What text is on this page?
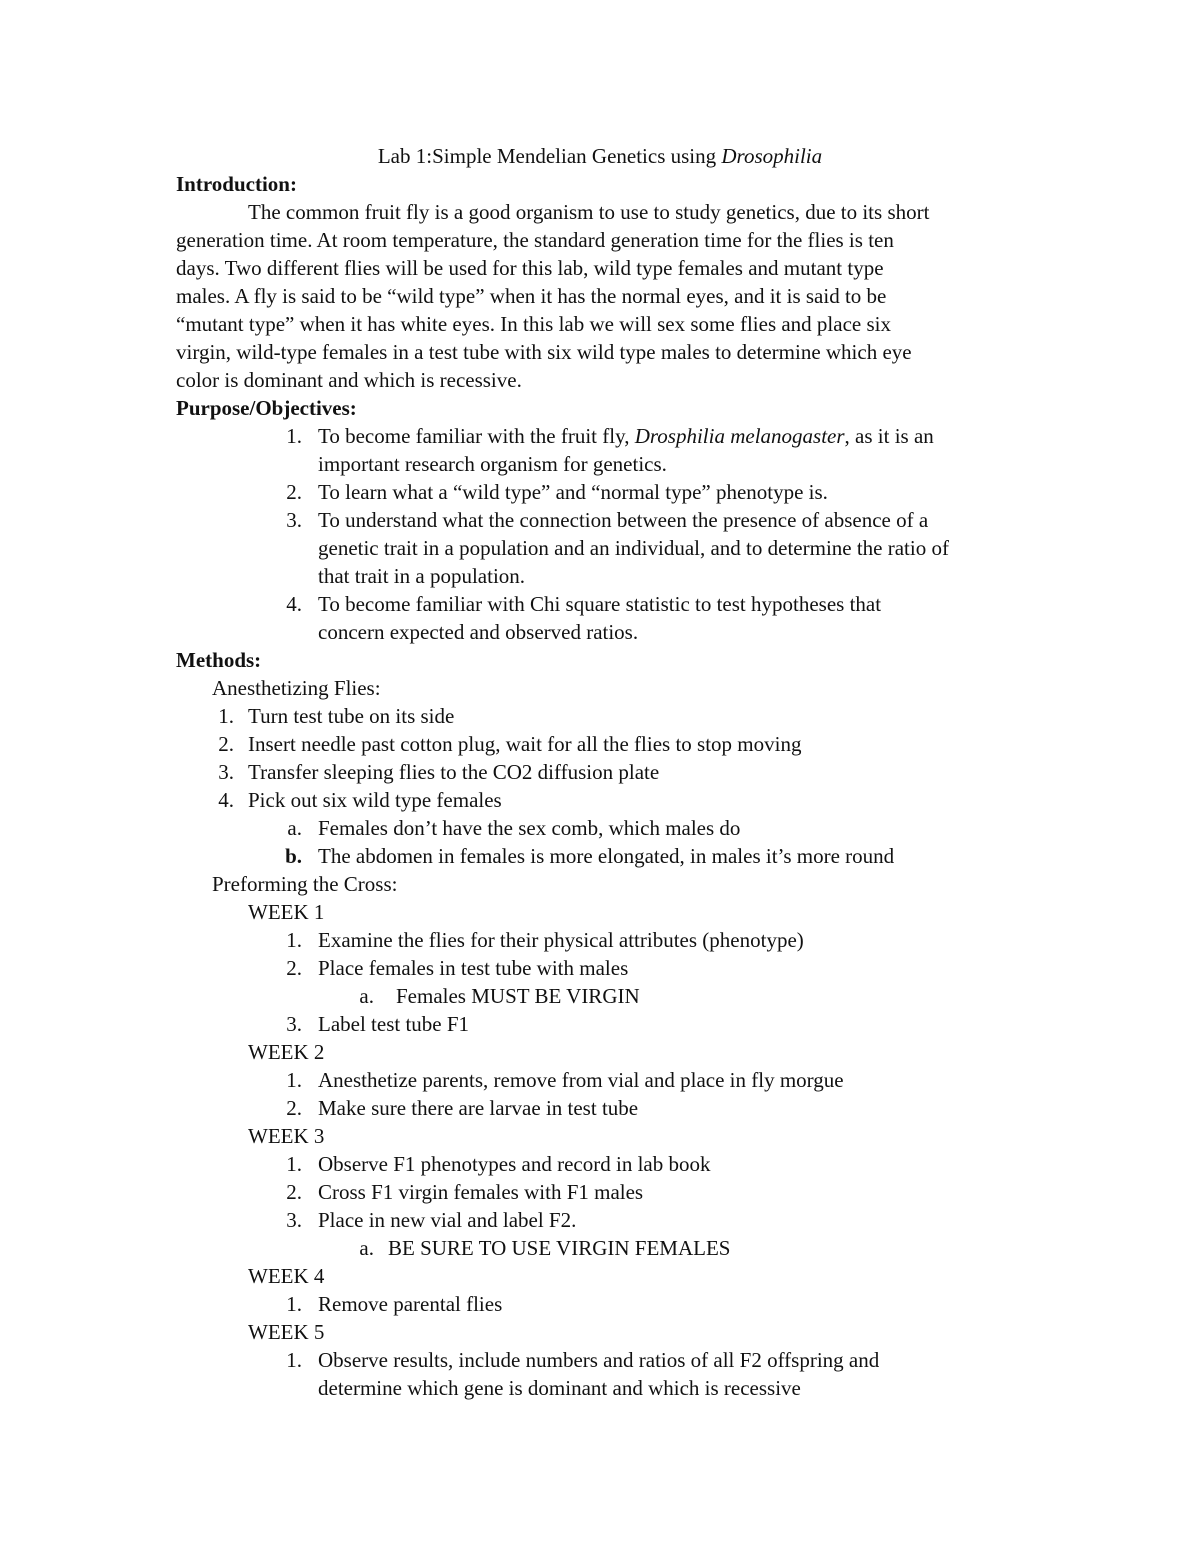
Lab 1:Simple Mendelian Genetics using Drosophilia
Introduction:
The common fruit fly is a good organism to use to study genetics, due to its short
generation time. At room temperature, the standard generation time for the flies is ten
days. Two different flies will be used for this lab, wild type females and mutant type
males. A fly is said to be “wild type” when it has the normal eyes, and it is said to be
“mutant type” when it has white eyes. In this lab we will sex some flies and place six
virgin, wild-type females in a test tube with six wild type males to determine which eye
color is dominant and which is recessive.
Purpose/Objectives:
1. To become familiar with the fruit fly, Drosphilia melanogaster, as it is an
important research organism for genetics.
2. To learn what a “wild type” and “normal type” phenotype is.
3. To understand what the connection between the presence of absence of a
genetic trait in a population and an individual, and to determine the ratio of
that trait in a population.
4. To become familiar with Chi square statistic to test hypotheses that
concern expected and observed ratios.
Methods:
Anesthetizing Flies:
1. Turn test tube on its side
2. Insert needle past cotton plug, wait for all the flies to stop moving
3. Transfer sleeping flies to the CO2 diffusion plate
4. Pick out six wild type females
a. Females don’t have the sex comb, which males do
b. The abdomen in females is more elongated, in males it’s more round
Preforming the Cross:
WEEK 1
1. Examine the flies for their physical attributes (phenotype)
2. Place females in test tube with males
a. Females MUST BE VIRGIN
3. Label test tube F1
WEEK 2
1. Anesthetize parents, remove from vial and place in fly morgue
2. Make sure there are larvae in test tube
WEEK 3
1. Observe F1 phenotypes and record in lab book
2. Cross F1 virgin females with F1 males
3. Place in new vial and label F2.
a. BE SURE TO USE VIRGIN FEMALES
WEEK 4
1. Remove parental flies
WEEK 5
1. Observe results, include numbers and ratios of all F2 offspring and
determine which gene is dominant and which is recessive
